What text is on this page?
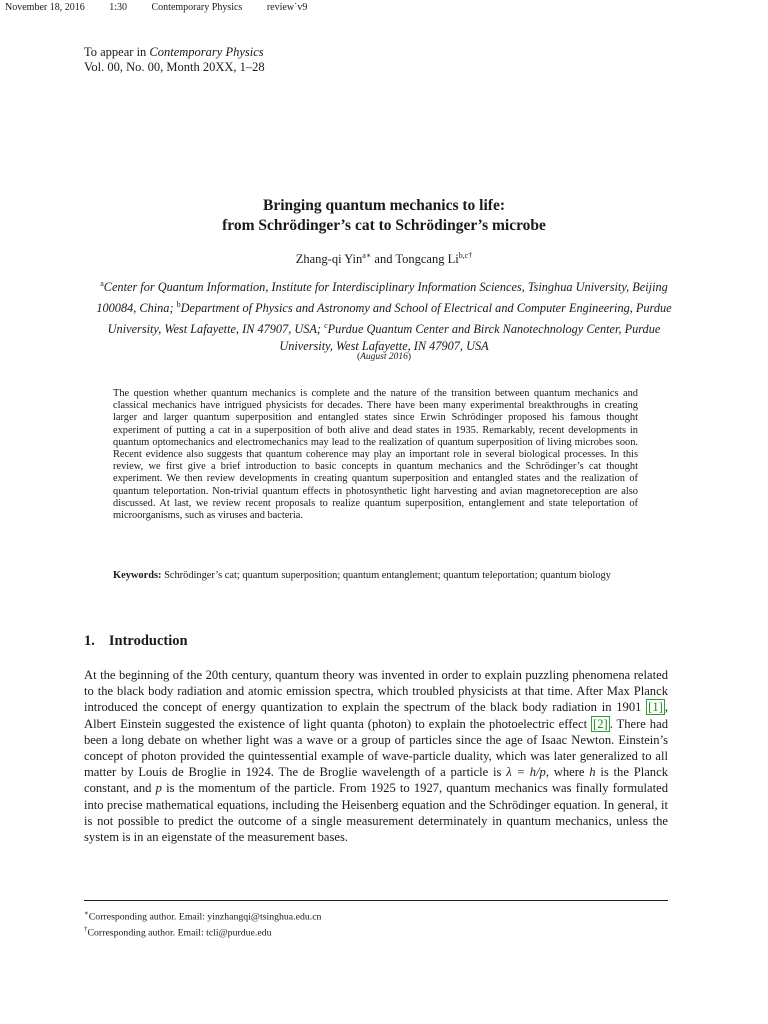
November 18, 2016 1:30 Contemporary Physics review˙v9
To appear in Contemporary Physics
Vol. 00, No. 00, Month 20XX, 1–28
Bringing quantum mechanics to life:
from Schrödinger’s cat to Schrödinger’s microbe
Zhang-qi Yin$^{a∗}$ and Tongcang $Li^{b,c\dagger}$
$^a$Center for Quantum Information, Institute for Interdisciplinary Information Sciences, Tsinghua University, Beijing 100084, China; $^b$Department of Physics and Astronomy and School of Electrical and Computer Engineering, Purdue University, West Lafayette, IN 47907, USA; $^c$Purdue Quantum Center and Birck Nanotechnology Center, Purdue University, West Lafayette, IN 47907, USA
(August 2016)
The question whether quantum mechanics is complete and the nature of the transition between quantum mechanics and classical mechanics have intrigued physicists for decades. There have been many experimental breakthroughs in creating larger and larger quantum superposition and entangled states since Erwin Schrödinger proposed his famous thought experiment of putting a cat in a superposition of both alive and dead states in 1935. Remarkably, recent developments in quantum optomechanics and electromechanics may lead to the realization of quantum superposition of living microbes soon. Recent evidence also suggests that quantum coherence may play an important role in several biological processes. In this review, we first give a brief introduction to basic concepts in quantum mechanics and the Schrödinger’s cat thought experiment. We then review developments in creating quantum superposition and entangled states and the realization of quantum teleportation. Non-trivial quantum effects in photosynthetic light harvesting and avian magnetoreception are also discussed. At last, we review recent proposals to realize quantum superposition, entanglement and state teleportation of microorganisms, such as viruses and bacteria.
Keywords: Schrödinger’s cat; quantum superposition; quantum entanglement; quantum teleportation; quantum biology
1. Introduction
At the beginning of the 20th century, quantum theory was invented in order to explain puzzling phenomena related to the black body radiation and atomic emission spectra, which troubled physicists at that time. After Max Planck introduced the concept of energy quantization to explain the spectrum of the black body radiation in 1901 [1] , Albert Einstein suggested the existence of light quanta (photon) to explain the photoelectric effect [2] . There had been a long debate on whether light was a wave or a group of particles since the age of Isaac Newton. Einstein’s concept of photon provided the quintessential example of wave-particle duality, which was later generalized to all matter by Louis de Broglie in 1924. The de Broglie wavelength of a particle is λ = h/p, where h is the Planck constant, and p is the momentum of the particle. From 1925 to 1927, quantum mechanics was finally formulated into precise mathematical equations, including the Heisenberg equation and the Schrödinger equation. In general, it is not possible to predict the outcome of a single measurement determinately in quantum mechanics, unless the system is in an eigenstate of the measurement bases.
∗Corresponding author. Email: yinzhangqi@tsinghua.edu.cn
†Corresponding author. Email: tcli@purdue.edu
